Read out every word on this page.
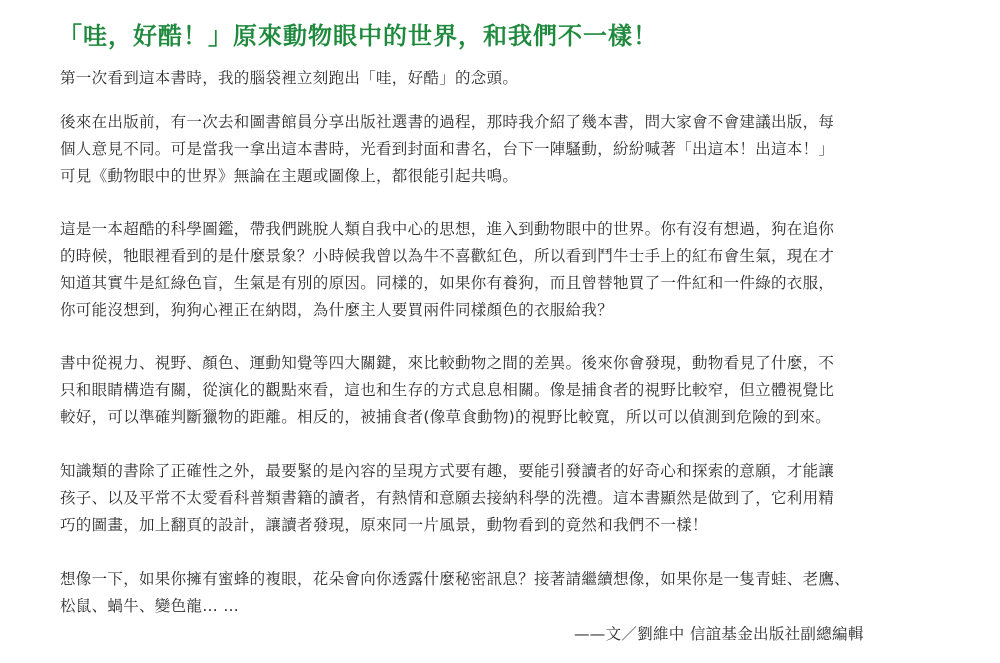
「哇，好酷！」原來動物眼中的世界，和我們不一樣！

第一次看到這本書時，我的腦袋裡立刻跑出「哇，好酷」的念頭。

後來在出版前，有一次去和圖書館員分享出版社選書的過程，那時我介紹了幾本書，問大家會不會建議出版，每

個人意見不同。可是當我一拿出這本書時，光看到封面和書名，台下一陣騷動，紛紛喊著「出這本！出這本！」

可見《動物眼中的世界》無論在主題或圖像上，都很能引起共鳴。

這是一本超酷的科學圖鑑，帶我們跳脫人類自我中心的思想，進入到動物眼中的世界。你有沒有想過，狗在追你

的時候，牠眼裡看到的是什麼景象？小時候我曾以為牛不喜歡紅色，所以看到鬥牛士手上的紅布會生氣，現在才

知道其實牛是紅綠色盲，生氣是有別的原因。同樣的，如果你有養狗，而且曾替牠買了一件紅和一件綠的衣服，

你可能沒想到，狗狗心裡正在納悶，為什麼主人要買兩件同樣顏色的衣服給我？

書中從視力、視野、顏色、運動知覺等四大關鍵，來比較動物之間的差異。後來你會發現，動物看見了什麼，不

只和眼睛構造有關，從演化的觀點來看，這也和生存的方式息息相關。像是捕食者的視野比較窄，但立體視覺比

較好，可以準確判斷獵物的距離。相反的，被捕食者(像草食動物)的視野比較寬，所以可以偵測到危險的到來。

知識類的書除了正確性之外，最要緊的是內容的呈現方式要有趣，要能引發讀者的好奇心和探索的意願，才能讓

孩子、以及平常不太愛看科普類書籍的讀者，有熱情和意願去接納科學的洗禮。這本書顯然是做到了，它利用精

巧的圖畫，加上翻頁的設計，讓讀者發現，原來同一片風景，動物看到的竟然和我們不一樣！

想像一下，如果你擁有蜜蜂的複眼，花朵會向你透露什麼秘密訊息？接著請繼續想像，如果你是一隻青蛙、老鷹、

松鼠、蝸牛、變色龍… …

——文／劉維中 信誼基金出版社副總編輯
